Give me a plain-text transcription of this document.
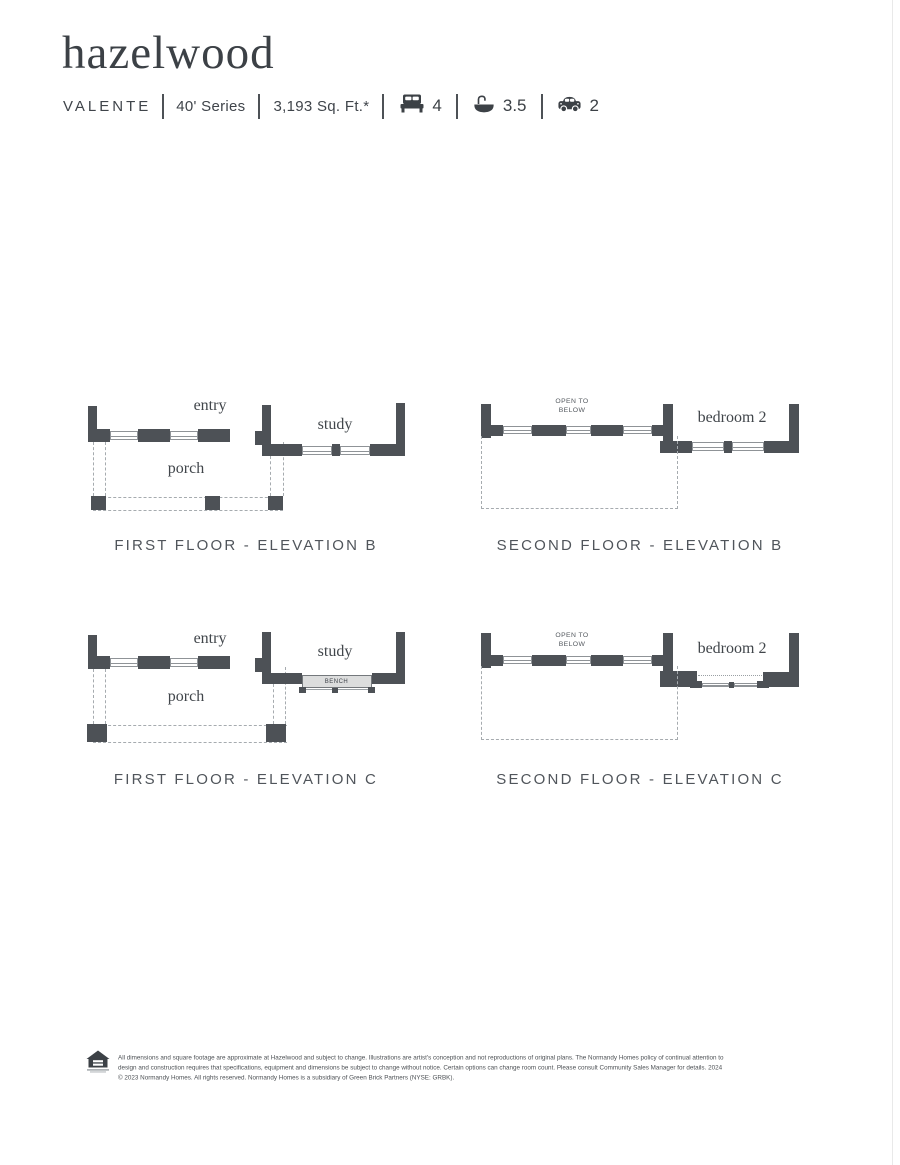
hazelwood
VALENTE 40' Series 3,193 Sq. Ft.*	4	3.5	2
entry
porch
study
FIRST FLOOR - ELEVATION B
OPEN TO BELOW	bedroom 2
SECOND FLOOR - ELEVATION B
entry
porch
BENCH
study
FIRST FLOOR - ELEVATION C
OPEN TO BELOW	bedroom 2
SECOND FLOOR - ELEVATION C
All dimensions and square footage are approximate at Hazelwood and subject to change. Illustrations are artist's conception and not reproductions of original plans. The Normandy Homes policy of continual attention to
design and construction requires that specifications, equipment and dimensions be subject to change without notice. Certain options can change room count. Please consult Community Sales Manager for details. 2024
© 2023 Normandy Homes. All rights reserved. Normandy Homes is a subsidiary of Green Brick Partners (NYSE: GRBK).
